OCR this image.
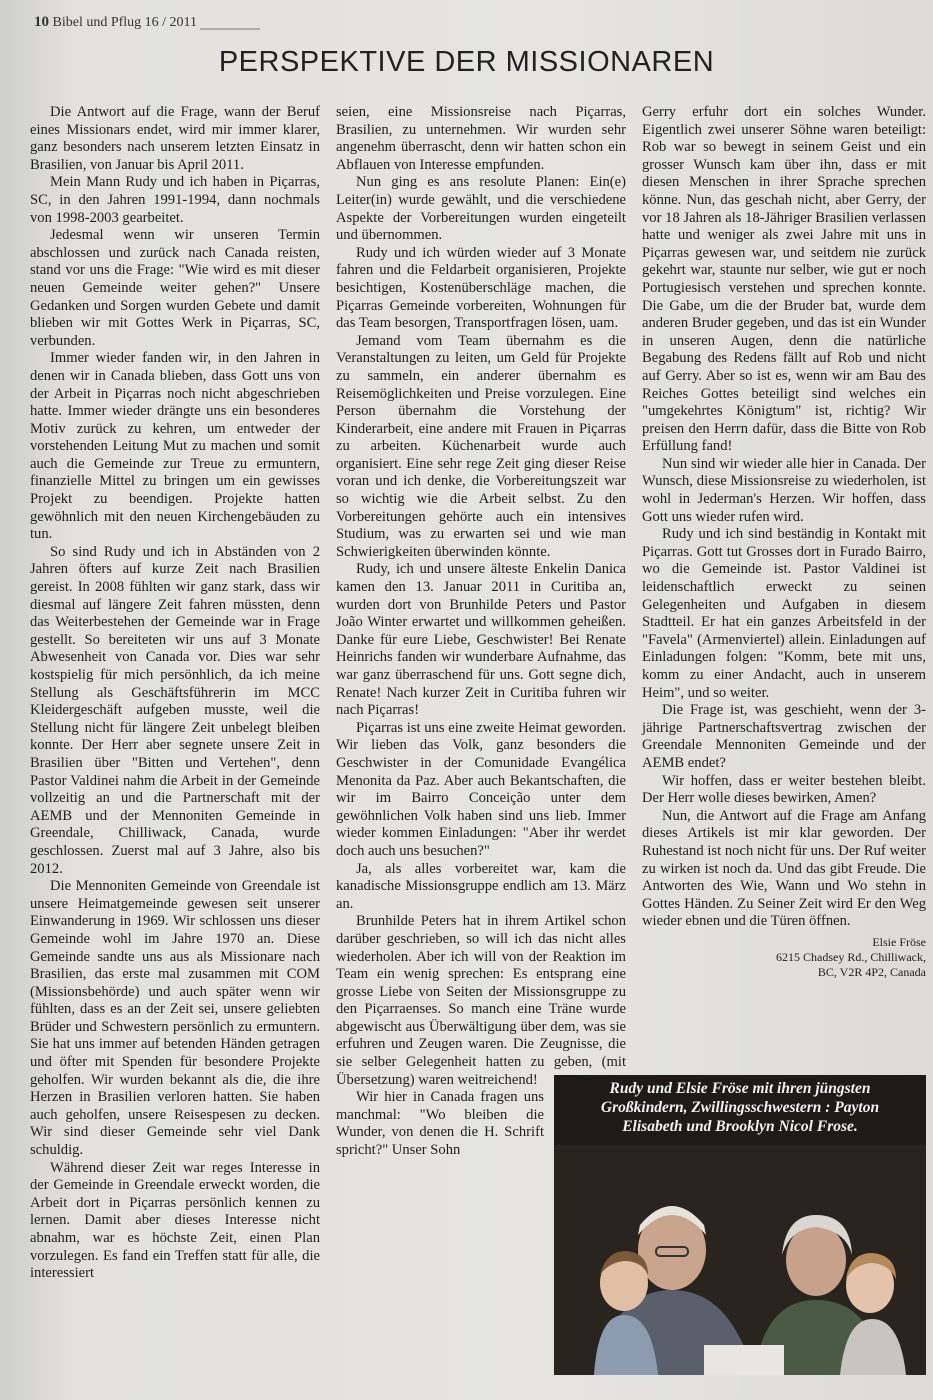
10 Bibel und Pflug 16 / 2011
PERSPEKTIVE DER MISSIONAREN

Die Antwort auf die Frage, wann der Beruf eines Missionars endet, wird mir immer klarer, ganz besonders nach unserem letzten Einsatz in Brasilien, von Januar bis April 2011.

Mein Mann Rudy und ich haben in Piçarras, SC, in den Jahren 1991-1994, dann nochmals von 1998-2003 gearbeitet.

Jedesmal wenn wir unseren Termin abschlossen und zurück nach Canada reisten, stand vor uns die Frage: "Wie wird es mit dieser neuen Gemeinde weiter gehen?" Unsere Gedanken und Sorgen wurden Gebete und damit blieben wir mit Gottes Werk in Piçarras, SC, verbunden.

Immer wieder fanden wir, in den Jahren in denen wir in Canada blieben, dass Gott uns von der Arbeit in Piçarras noch nicht abgeschrieben hatte. Immer wieder drängte uns ein besonderes Motiv zurück zu kehren, um entweder der vorstehenden Leitung Mut zu machen und somit auch die Gemeinde zur Treue zu ermuntern, finanzielle Mittel zu bringen um ein gewisses Projekt zu beendigen. Projekte hatten gewöhnlich mit den neuen Kirchengebäuden zu tun.

So sind Rudy und ich in Abständen von 2 Jahren öfters auf kurze Zeit nach Brasilien gereist. In 2008 fühlten wir ganz stark, dass wir diesmal auf längere Zeit fahren müssten, denn das Weiterbestehen der Gemeinde war in Frage gestellt. So bereiteten wir uns auf 3 Monate Abwesenheit von Canada vor. Dies war sehr kostspielig für mich persönhlich, da ich meine Stellung als Geschäftsführerin im MCC Kleidergeschäft aufgeben musste, weil die Stellung nicht für längere Zeit unbelegt bleiben konnte. Der Herr aber segnete unsere Zeit in Brasilien über "Bitten und Vertehen", denn Pastor Valdinei nahm die Arbeit in der Gemeinde vollzeitig an und die Partnerschaft mit der AEMB und der Mennoniten Gemeinde in Greendale, Chilliwack, Canada, wurde geschlossen. Zuerst mal auf 3 Jahre, also bis 2012.

Die Mennoniten Gemeinde von Greendale ist unsere Heimatgemeinde gewesen seit unserer Einwanderung in 1969. Wir schlossen uns dieser Gemeinde wohl im Jahre 1970 an. Diese Gemeinde sandte uns aus als Missionare nach Brasilien, das erste mal zusammen mit COM (Missionsbehörde) und auch später wenn wir fühlten, dass es an der Zeit sei, unsere geliebten Brüder und Schwestern persönlich zu ermuntern. Sie hat uns immer auf betenden Händen getragen und öfter mit Spenden für besondere Projekte geholfen. Wir wurden bekannt als die, die ihre Herzen in Brasilien verloren hatten. Sie haben auch geholfen, unsere Reisespesen zu decken. Wir sind dieser Gemeinde sehr viel Dank schuldig.

Während dieser Zeit war reges Interesse in der Gemeinde in Greendale erweckt worden, die Arbeit dort in Piçarras persönlich kennen zu lernen. Damit aber dieses Interesse nicht abnahm, war es höchste Zeit, einen Plan vorzulegen. Es fand ein Treffen statt für alle, die interessiert

seien, eine Missionsreise nach Piçarras, Brasilien, zu unternehmen. Wir wurden sehr angenehm überrascht, denn wir hatten schon ein Abflauen von Interesse empfunden.

Nun ging es ans resolute Planen: Ein(e) Leiter(in) wurde gewählt, und die verschiedene Aspekte der Vorbereitungen wurden eingeteilt und übernommen.

Rudy und ich würden wieder auf 3 Monate fahren und die Feldarbeit organisieren, Projekte besichtigen, Kostenüberschläge machen, die Piçarras Gemeinde vorbereiten, Wohnungen für das Team besorgen, Transportfragen lösen, uam.

Jemand vom Team übernahm es die Veranstaltungen zu leiten, um Geld für Projekte zu sammeln, ein anderer übernahm es Reisemöglichkeiten und Preise vorzulegen. Eine Person übernahm die Vorstehung der Kinderarbeit, eine andere mit Frauen in Piçarras zu arbeiten. Küchenarbeit wurde auch organisiert. Eine sehr rege Zeit ging dieser Reise voran und ich denke, die Vorbereitungszeit war so wichtig wie die Arbeit selbst. Zu den Vorbereitungen gehörte auch ein intensives Studium, was zu erwarten sei und wie man Schwierigkeiten überwinden könnte.

Rudy, ich und unsere älteste Enkelin Danica kamen den 13. Januar 2011 in Curitiba an, wurden dort von Brunhilde Peters und Pastor João Winter erwartet und willkommen geheißen. Danke für eure Liebe, Geschwister! Bei Renate Heinrichs fanden wir wunderbare Aufnahme, das war ganz überraschend für uns. Gott segne dich, Renate! Nach kurzer Zeit in Curitiba fuhren wir nach Piçarras!

Piçarras ist uns eine zweite Heimat geworden. Wir lieben das Volk, ganz besonders die Geschwister in der Comunidade Evangélica Menonita da Paz. Aber auch Bekantschaften, die wir im Bairro Conceição unter dem gewöhnlichen Volk haben sind uns lieb. Immer wieder kommen Einladungen: "Aber ihr werdet doch auch uns besuchen?"

Ja, als alles vorbereitet war, kam die kanadische Missionsgruppe endlich am 13. März an.

Brunhilde Peters hat in ihrem Artikel schon darüber geschrieben, so will ich das nicht alles wiederholen. Aber ich will von der Reaktion im Team ein wenig sprechen: Es entsprang eine grosse Liebe von Seiten der Missionsgruppe zu den Piçarraenses. So manch eine Träne wurde abgewischt aus Überwältigung über dem, was sie erfuhren und Zeugen waren. Die Zeugnisse, die sie selber Gelegenheit hatten zu geben, (mit Übersetzung) waren weitreichend!

Wir hier in Canada fragen uns manchmal: "Wo bleiben die Wunder, von denen die H. Schrift spricht?" Unser Sohn

Gerry erfuhr dort ein solches Wunder. Eigentlich zwei unserer Söhne waren beteiligt: Rob war so bewegt in seinem Geist und ein grosser Wunsch kam über ihn, dass er mit diesen Menschen in ihrer Sprache sprechen könne. Nun, das geschah nicht, aber Gerry, der vor 18 Jahren als 18-Jähriger Brasilien verlassen hatte und weniger als zwei Jahre mit uns in Piçarras gewesen war, und seitdem nie zurück gekehrt war, staunte nur selber, wie gut er noch Portugiesisch verstehen und sprechen konnte. Die Gabe, um die der Bruder bat, wurde dem anderen Bruder gegeben, und das ist ein Wunder in unseren Augen, denn die natürliche Begabung des Redens fällt auf Rob und nicht auf Gerry. Aber so ist es, wenn wir am Bau des Reiches Gottes beteiligt sind welches ein "umgekehrtes Königtum" ist, richtig? Wir preisen den Herrn dafür, dass die Bitte von Rob Erfüllung fand!

Nun sind wir wieder alle hier in Canada. Der Wunsch, diese Missionsreise zu wiederholen, ist wohl in Jederman's Herzen. Wir hoffen, dass Gott uns wieder rufen wird.

Rudy und ich sind beständig in Kontakt mit Piçarras. Gott tut Grosses dort in Furado Bairro, wo die Gemeinde ist. Pastor Valdinei ist leidenschaftlich erweckt zu seinen Gelegenheiten und Aufgaben in diesem Stadtteil. Er hat ein ganzes Arbeitsfeld in der "Favela" (Armenviertel) allein. Einladungen auf Einladungen folgen: "Komm, bete mit uns, komm zu einer Andacht, auch in unserem Heim", und so weiter.

Die Frage ist, was geschieht, wenn der 3-jährige Partnerschaftsvertrag zwischen der Greendale Mennoniten Gemeinde und der AEMB endet?

Wir hoffen, dass er weiter bestehen bleibt. Der Herr wolle dieses bewirken, Amen?

Nun, die Antwort auf die Frage am Anfang dieses Artikels ist mir klar geworden. Der Ruhestand ist noch nicht für uns. Der Ruf weiter zu wirken ist noch da. Und das gibt Freude. Die Antworten des Wie, Wann und Wo stehn in Gottes Händen. Zu Seiner Zeit wird Er den Weg wieder ebnen und die Türen öffnen.

Elsie Fröse
6215 Chadsey Rd., Chilliwack,
BC, V2R 4P2, Canada
Rudy und Elsie Fröse mit ihren jüngsten
Großkindern, Zwillingsschwestern : Payton
Elisabeth und Brooklyn Nicol Frose.
